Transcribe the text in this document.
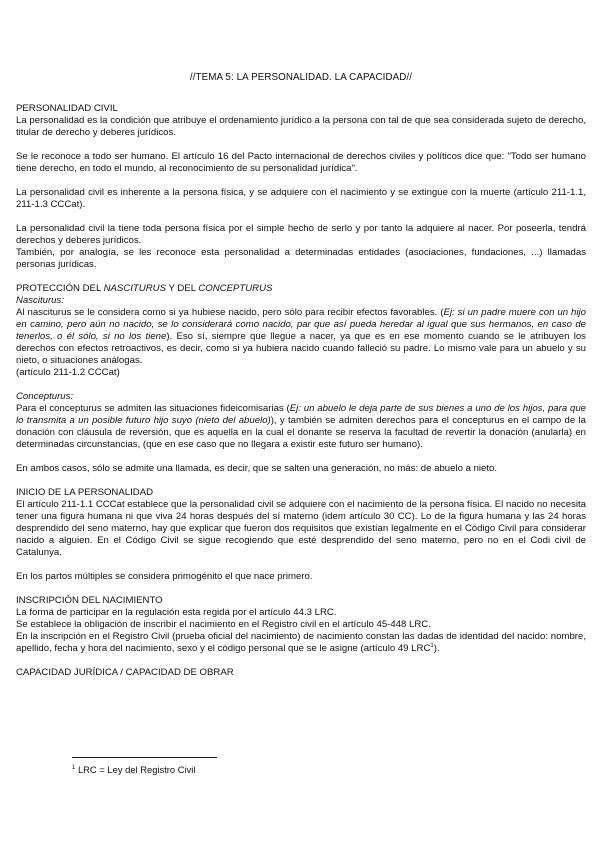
//TEMA 5: LA PERSONALIDAD. LA CAPACIDAD//
PERSONALIDAD CIVIL

La personalidad es la condición que atribuye el ordenamiento jurídico a la persona con tal de que sea considerada sujeto de derecho, titular de derecho y deberes jurídicos.

Se le reconoce a todo ser humano. El artículo 16 del Pacto internacional de derechos civiles y políticos dice que: "Todo ser humano tiene derecho, en todo el mundo, al reconocimiento de su personalidad jurídica".

La personalidad civil es inherente a la persona física, y se adquiere con el nacimiento y se extingue con la muerte (artículo 211-1.1, 211-1.3 CCCat).

La personalidad civil la tiene toda persona física por el simple hecho de serlo y por tanto la adquiere al nacer. Por poseerla, tendrá derechos y deberes jurídicos.

También, por analogía, se les reconoce esta personalidad a determinadas entidades (asociaciones, fundaciones, ...) llamadas personas jurídicas.

PROTECCIÓN DEL NASCITURUS Y DEL CONCEPTURUS
Nasciturus:

Al nasciturus se le considera como si ya hubiese nacido, pero sólo para recibir efectos favorables. (Ej: si un padre muere con un hijo en camino, pero aún no nacido, se lo considerará como nacido, par que así pueda heredar al igual que sus hermanos, en caso de tenerlos, o él sólo, si no los tiene). Eso sí, siempre que llegue a nacer, ya que es en ese momento cuando se le atribuyen los derechos con efectos retroactivos, es decir, como si ya hubiera nacido cuando falleció su padre. Lo mismo vale para un abuelo y su nieto, o situaciones análogas.

(artículo 211-1.2 CCCat)

Concepturus:

Para el concepturus se admiten las situaciones fideicomisarias (Ej: un abuelo le deja parte de sus bienes a uno de los hijos, para que lo transmita a un posible futuro hijo suyo (nieto del abuelo)), y también se admiten derechos para el concepturus en el campo de la donación con cláusula de reversión, que es aquella en la cual el donante se reserva la facultad de revertir la donación (anularla) en determinadas circunstancias, (que en ese caso que no llegara a existir este futuro ser humano).

En ambos casos, sólo se admite una llamada, es decir, que se salten una generación, no más: de abuelo a nieto.

INICIO DE LA PERSONALIDAD

El artículo 211-1.1 CCCat establece que la personalidad civil se adquiere con el nacimiento de la persona física. El nacido no necesita tener una figura humana ni que viva 24 horas después del sí materno (idem artículo 30 CC). Lo de la figura humana y las 24 horas desprendido del seno materno, hay que explicar que fueron dos requisitos que existían legalmente en el Código Civil para considerar nacido a alguien. En el Código Civil se sigue recogiendo que esté desprendido del seno materno, pero no en el Codi civil de Catalunya.

En los partos múltiples se considera primogénito el que nace primero.

INSCRIPCIÓN DEL NACIMIENTO

La forma de participar en la regulación esta regida por el artículo 44.3 LRC.

Se establece la obligación de inscribir el nacimiento en el Registro civil en el artículo 45-448 LRC.

En la inscripción en el Registro Civil (prueba oficial del nacimiento) de nacimiento constan las dadas de identidad del nacido: nombre, apellido, fecha y hora del nacimiento, sexo y el código personal que se le asigne (artículo 49 LRC$^1$).

CAPACIDAD JURÍDICA / CAPACIDAD DE OBRAR
$^1$ LRC = Ley del Registro Civil
